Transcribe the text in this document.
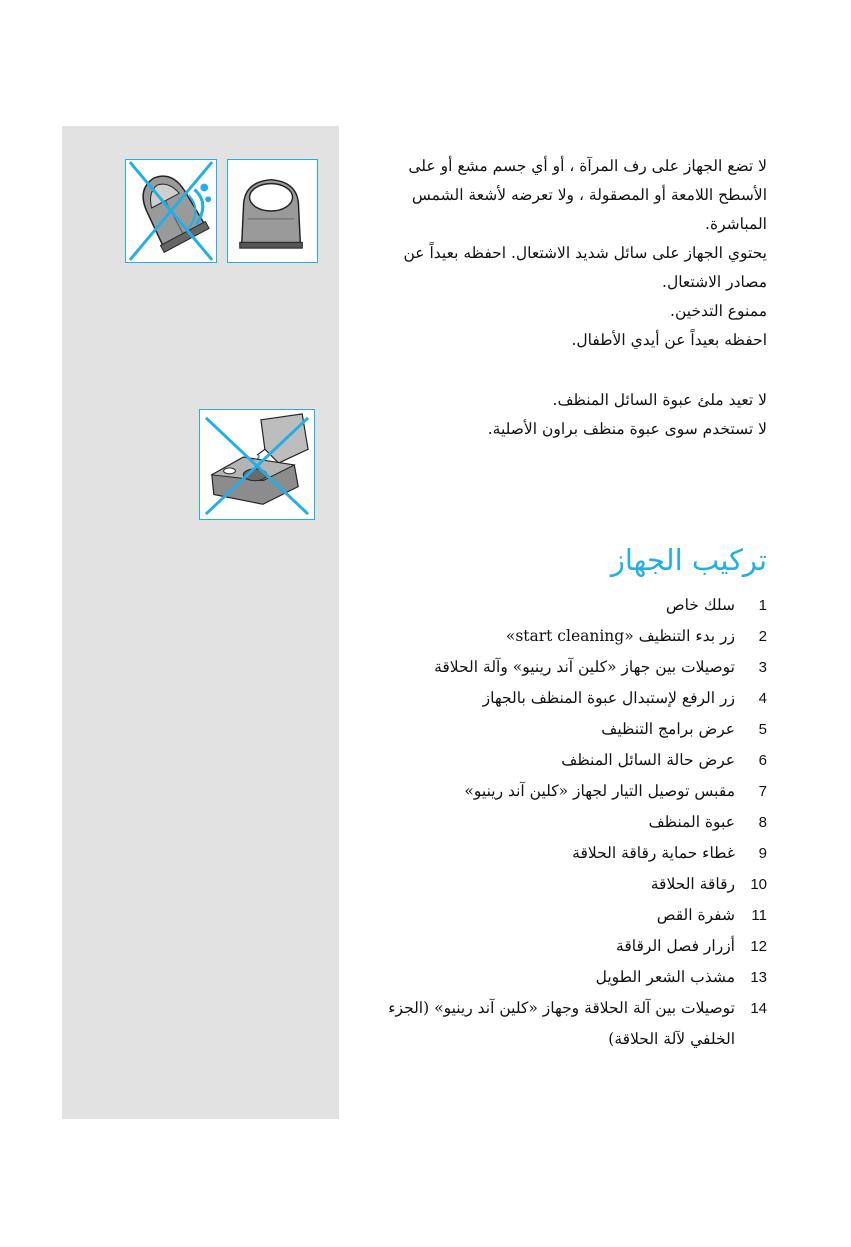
لا تضع الجهاز على رف المرآة ، أو أي جسم مشع أو على الأسطح اللامعة أو المصقولة ، ولا تعرضه لأشعة الشمس المباشرة.

يحتوي الجهاز على سائل شديد الاشتعال. احفظه بعيداً عن مصادر الاشتعال.

ممنوع التدخين.

احفظه بعيداً عن أيدي الأطفال.

لا تعيد ملئ عبوة السائل المنظف.

لا تستخدم سوى عبوة منظف براون الأصلية.

تركيب الجهاز
1
سلك خاص
2
زر بدء التنظيف «start cleaning»
3
توصيلات بين جهاز «كلين آند رينيو» وآلة الحلاقة
4
زر الرفع لإستبدال عبوة المنظف بالجهاز
5
عرض برامج التنظيف
6
عرض حالة السائل المنظف
7
مقبس توصيل التيار لجهاز «كلين آند رينيو»
8
عبوة المنظف
9
غطاء حماية رقاقة الحلاقة
10
رقاقة الحلاقة
11
شفرة القص
12
أزرار فصل الرقاقة
13
مشذب الشعر الطويل
14
توصيلات بين آلة الحلاقة وجهاز «كلين آند رينيو» (الجزء الخلفي لآلة الحلاقة)
